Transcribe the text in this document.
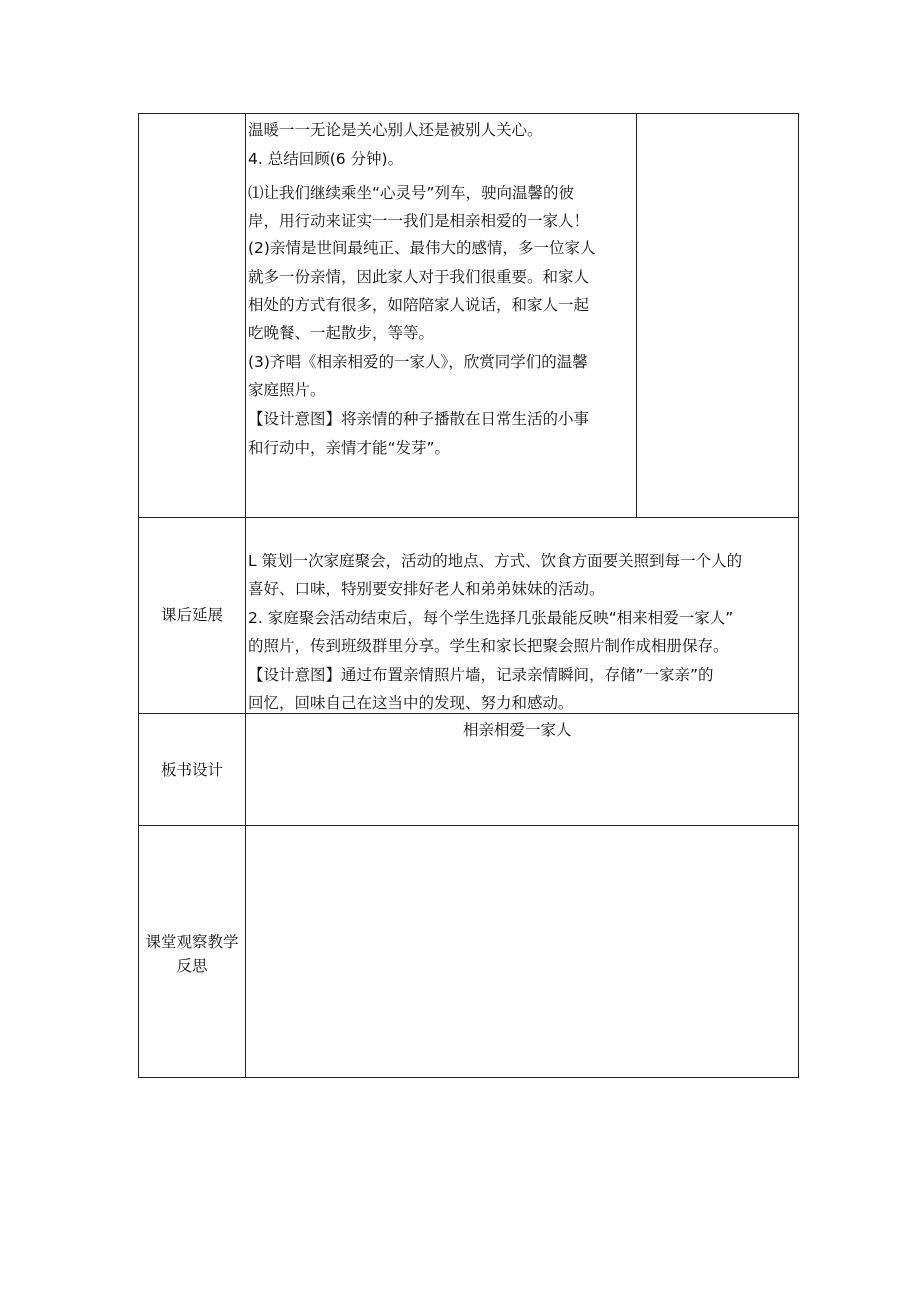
温暖一一无论是关心别人还是被别人关心。
4. 总结回顾(6 分钟)。
⑴让我们继续乘坐“心灵号”列车，驶向温馨的彼
岸，用行动来证实一一我们是相亲相爱的一家人！
(2)亲情是世间最纯正、最伟大的感情，多一位家人
就多一份亲情，因此家人对于我们很重要。和家人
相处的方式有很多，如陪陪家人说话，和家人一起
吃晚餐、一起散步，等等。
(3)齐唱《相亲相爱的一家人》，欣赏同学们的温馨
家庭照片。
【设计意图】将亲情的种子播散在日常生活的小事
和行动中，亲情才能“发芽”。
课后延展
L 策划一次家庭聚会，活动的地点、方式、饮食方面要关照到每一个人的
喜好、口味，特别要安排好老人和弟弟妹妹的活动。
2. 家庭聚会活动结束后，每个学生选择几张最能反映“相来相爱一家人”
的照片，传到班级群里分享。学生和家长把聚会照片制作成相册保存。
【设计意图】通过布置亲情照片墙，记录亲情瞬间，存储”一家亲”的
回忆，回味自己在这当中的发现、努力和感动。
板书设计
相亲相爱一家人
课堂观察教学
反思
